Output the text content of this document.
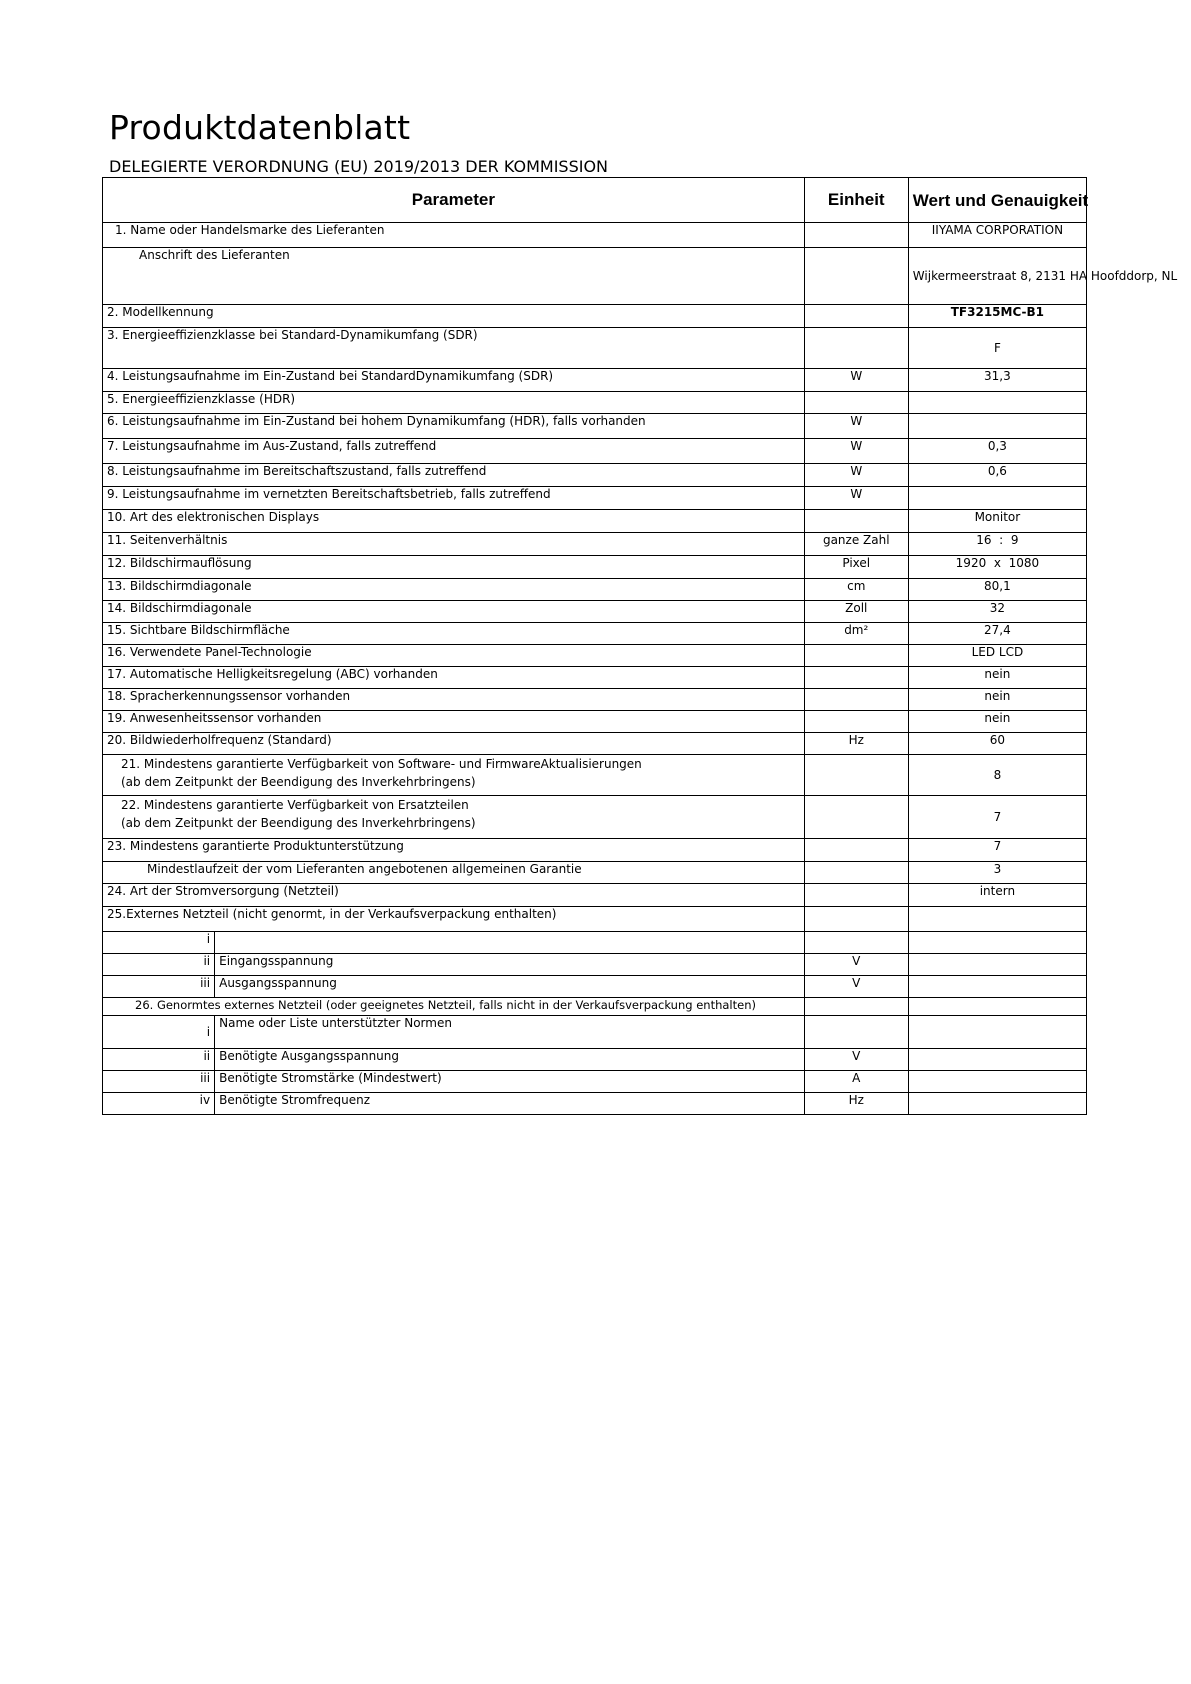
Produktdatenblatt
DELEGIERTE VERORDNUNG (EU) 2019/2013 DER KOMMISSION
Parameter		Einheit	Wert und Genauigkeit
1. Name oder Handelsmarke des Lieferanten			IIYAMA CORPORATION
Anschrift des Lieferanten			Wijkermeerstraat 8, 2131 HA Hoofddorp, NL
2. Modellkennung			TF3215MC-B1
3. Energieeffizienzklasse bei Standard-Dynamikumfang (SDR)			F
4. Leistungsaufnahme im Ein-Zustand bei StandardDynamikumfang (SDR)		W	31,3
5. Energieeffizienzklasse (HDR)			
6. Leistungsaufnahme im Ein-Zustand bei hohem Dynamikumfang (HDR), falls vorhanden		W	
7. Leistungsaufnahme im Aus-Zustand, falls zutreffend		W	0,3
8. Leistungsaufnahme im Bereitschaftszustand, falls zutreffend		W	0,6
9. Leistungsaufnahme im vernetzten Bereitschaftsbetrieb, falls zutreffend		W	
10. Art des elektronischen Displays			Monitor
11. Seitenverhältnis		ganze Zahl	16  :  9
12. Bildschirmauflösung		Pixel	1920  x  1080
13. Bildschirmdiagonale		cm	80,1
14. Bildschirmdiagonale		Zoll	32
15. Sichtbare Bildschirmfläche		dm²	27,4
16. Verwendete Panel-Technologie			LED LCD
17. Automatische Helligkeitsregelung (ABC) vorhanden			nein
18. Spracherkennungssensor vorhanden			nein
19. Anwesenheitssensor vorhanden			nein
20. Bildwiederholfrequenz (Standard)		Hz	60

21. Mindestens garantierte Verfügbarkeit von Software- und FirmwareAktualisierungen
(ab dem Zeitpunkt der Beendigung des Inverkehrbringens)			8

22. Mindestens garantierte Verfügbarkeit von Ersatzteilen
(ab dem Zeitpunkt der Beendigung des Inverkehrbringens)			7
23. Mindestens garantierte Produktunterstützung			7
Mindestlaufzeit der vom Lieferanten angebotenen allgemeinen Garantie			3
24. Art der Stromversorgung (Netzteil)			intern
25.Externes Netzteil (nicht genormt, in der Verkaufsverpackung enthalten)			
i			
ii	Eingangsspannung	V	
iii	Ausgangsspannung	V	
26. Genormtes externes Netzteil (oder geeignetes Netzteil, falls nicht in der Verkaufsverpackung enthalten)			
i	Name oder Liste unterstützter Normen		
ii	Benötigte Ausgangsspannung	V	
iii	Benötigte Stromstärke (Mindestwert)	A	
iv	Benötigte Stromfrequenz	Hz	
